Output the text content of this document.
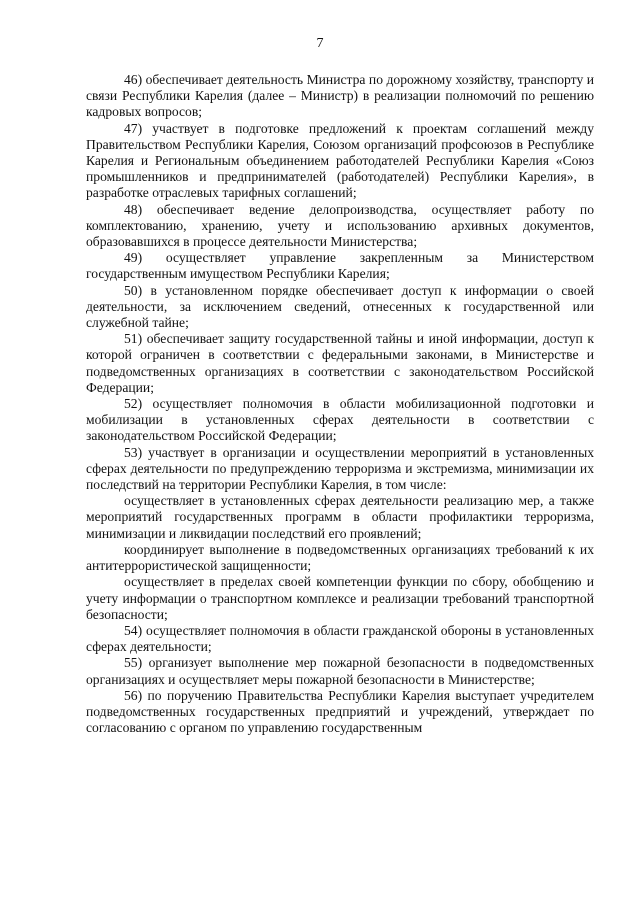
7

46) обеспечивает деятельность Министра по дорожному хозяйству, транспорту и связи Республики Карелия (далее – Министр) в реализации полномочий по решению кадровых вопросов;

47) участвует в подготовке предложений к проектам соглашений между Правительством Республики Карелия, Союзом организаций профсоюзов в Республике Карелия и Региональным объединением работодателей Республики Карелия «Союз промышленников и предпринимателей (работодателей) Республики Карелия», в разработке отраслевых тарифных соглашений;

48) обеспечивает ведение делопроизводства, осуществляет работу по комплектованию, хранению, учету и использованию архивных документов, образовавшихся в процессе деятельности Министерства;

49) осуществляет управление закрепленным за Министерством государственным имуществом Республики Карелия;

50) в установленном порядке обеспечивает доступ к информации о своей деятельности, за исключением сведений, отнесенных к государственной или служебной тайне;

51) обеспечивает защиту государственной тайны и иной информации, доступ к которой ограничен в соответствии с федеральными законами, в Министерстве и подведомственных организациях в соответствии с законодательством Российской Федерации;

52) осуществляет полномочия в области мобилизационной подготовки и мобилизации в установленных сферах деятельности в соответствии с законодательством Российской Федерации;

53) участвует в организации и осуществлении мероприятий в установленных сферах деятельности по предупреждению терроризма и экстремизма, минимизации их последствий на территории Республики Карелия, в том числе:

осуществляет в установленных сферах деятельности реализацию мер, а также мероприятий государственных программ в области профилактики терроризма, минимизации и ликвидации последствий его проявлений;

координирует выполнение в подведомственных организациях требований к их антитеррористической защищенности;

осуществляет в пределах своей компетенции функции по сбору, обобщению и учету информации о транспортном комплексе и реализации требований транспортной безопасности;

54) осуществляет полномочия в области гражданской обороны в установленных сферах деятельности;

55) организует выполнение мер пожарной безопасности в подведомственных организациях и осуществляет меры пожарной безопасности в Министерстве;

56) по поручению Правительства Республики Карелия выступает учредителем подведомственных государственных предприятий и учреждений, утверждает по согласованию с органом по управлению государственным
